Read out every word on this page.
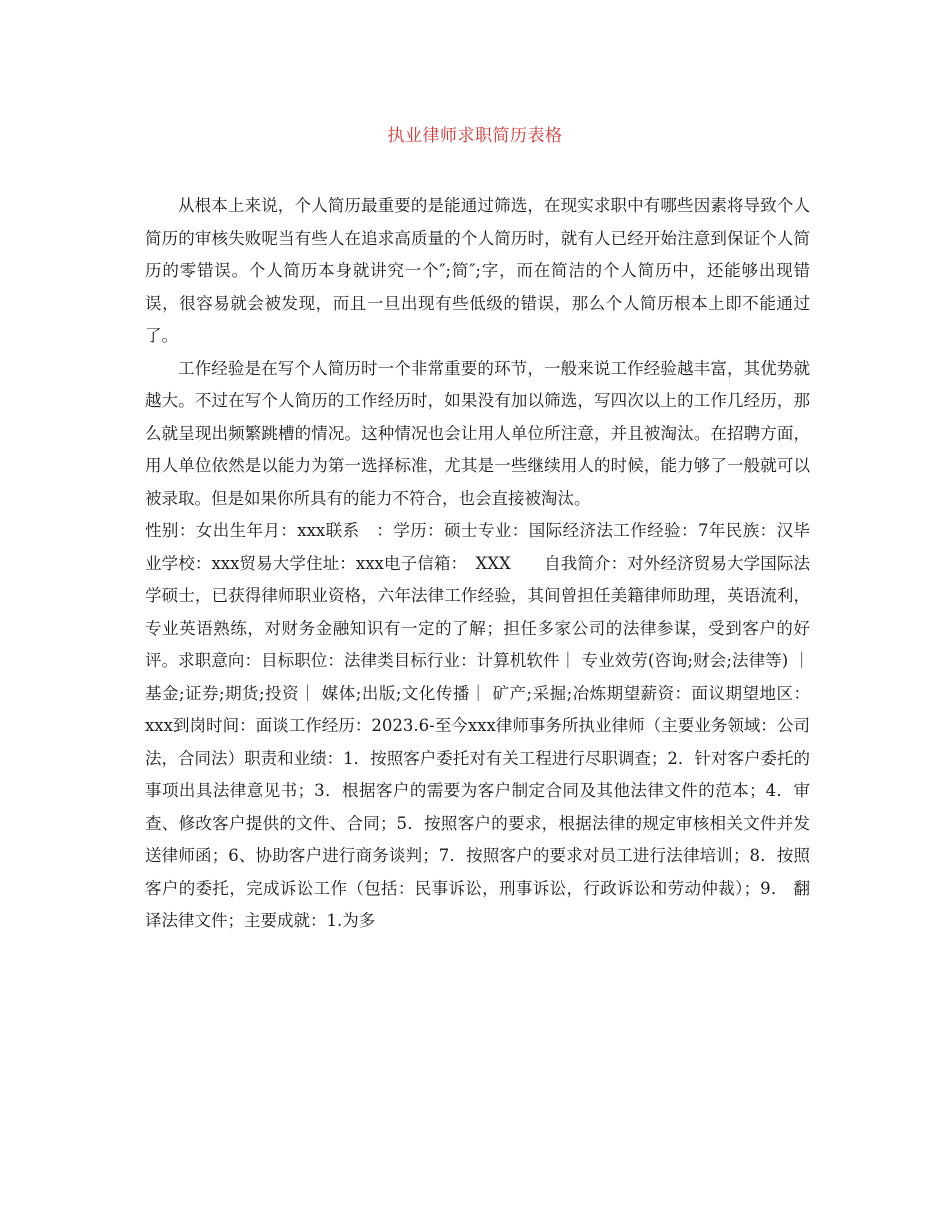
执业律师求职简历表格

从根本上来说，个人简历最重要的是能通过筛选，在现实求职中有哪些因素将导致个人简历的审核失败呢当有些人在追求高质量的个人简历时，就有人已经开始注意到保证个人简历的零错误。个人简历本身就讲究一个″;简″;字，而在简洁的个人简历中，还能够出现错误，很容易就会被发现，而且一旦出现有些低级的错误，那么个人简历根本上即不能通过了。

工作经验是在写个人简历时一个非常重要的环节，一般来说工作经验越丰富，其优势就越大。不过在写个人简历的工作经历时，如果没有加以筛选，写四次以上的工作几经历，那么就呈现出频繁跳槽的情况。这种情况也会让用人单位所注意，并且被淘汰。在招聘方面，用人单位依然是以能力为第一选择标准，尤其是一些继续用人的时候，能力够了一般就可以被录取。但是如果你所具有的能力不符合，也会直接被淘汰。

性别：女出生年月：xxx联系　：学历：硕士专业：国际经济法工作经验：7年民族：汉毕业学校：xxx贸易大学住址：xxx电子信箱：　XXX　　自我简介：对外经济贸易大学国际法学硕士，已获得律师职业资格，六年法律工作经验，其间曾担任美籍律师助理，英语流利，专业英语熟练，对财务金融知识有一定的了解；担任多家公司的法律参谋，受到客户的好评。求职意向：目标职位：法律类目标行业：计算机软件｜ 专业效劳(咨询;财会;法律等) ｜ 基金;证券;期货;投资｜ 媒体;出版;文化传播｜ 矿产;采掘;冶炼期望薪资：面议期望地区：xxx到岗时间：面谈工作经历：2023.6-至今xxx律师事务所执业律师（主要业务领域：公司法，合同法）职责和业绩：1．按照客户委托对有关工程进行尽职调查；2．针对客户委托的事项出具法律意见书；3．根据客户的需要为客户制定合同及其他法律文件的范本；4．审查、修改客户提供的文件、合同；5．按照客户的要求，根据法律的规定审核相关文件并发送律师函；6、协助客户进行商务谈判；7．按照客户的要求对员工进行法律培训；8．按照客户的委托，完成诉讼工作（包括：民事诉讼，刑事诉讼，行政诉讼和劳动仲裁）；9． 翻译法律文件；主要成就：1.为多
